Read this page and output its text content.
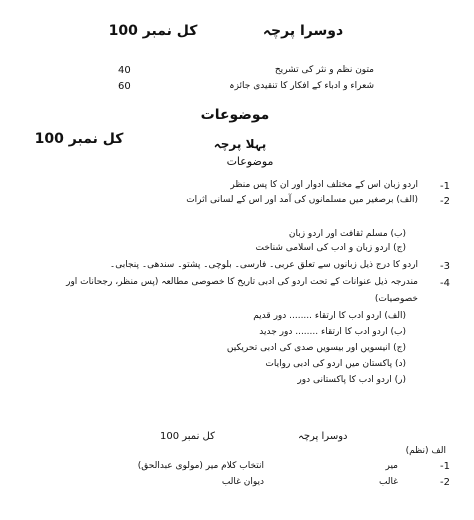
دوسرا پرچہ
کل نمبر 100
متون نظم و نثر کی تشریح
40
شعراء و ادباء کے افکار کا تنقیدی جائزہ
60
موضوعات
کل نمبر 100	پہلا پرچہ
موضوعات
-1
اردو زبان اس کے مختلف ادوار اور ان کا پس منظر
-2
(الف) برصغیر میں مسلمانوں کی آمد اور اس کے لسانی اثرات
(ب) مسلم ثقافت اور اردو زبان
(ج) اردو زبان و ادب کی اسلامی شناخت
-3
اردو کا درج ذیل زبانوں سے تعلق عربی۔ فارسی۔ بلوچی۔ پشتو۔ سندھی۔ پنجابی۔
-4
مندرجہ ذیل عنوانات کے تحت اردو کی ادبی تاریخ کا خصوصی مطالعہ (پس منظر، رجحانات اور
خصوصیات)
(الف) اردو ادب کا ارتقاء ........ دور قدیم
(ب) اردو ادب کا ارتقاء ........ دور جدید
(ج) انیسویں اور بیسویں صدی کی ادبی تحریکیں
(د) پاکستان میں اردو کی ادبی روایات
(ر) اردو ادب کا پاکستانی دور
دوسرا پرچہ
کل نمبر 100
الف (نظم)
-1
میر
انتخاب کلام میر (مولوی عبدالحق)
-2
غالب
دیوان غالب
